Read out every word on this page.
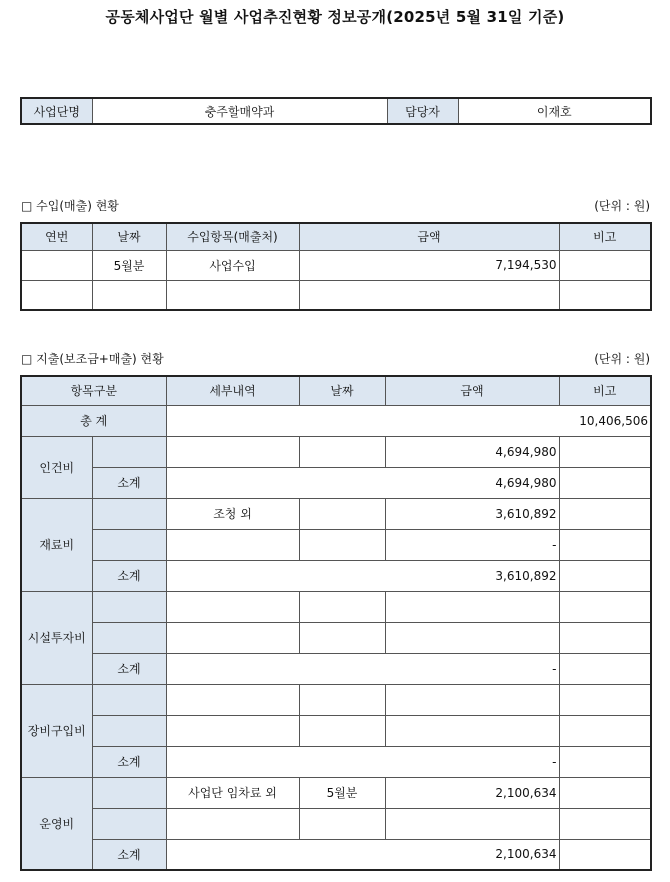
공동체사업단 월별 사업추진현황 정보공개(2025년 5월 31일 기준)
사업단명	충주할매약과	담당자	이재호
□ 수입(매출) 현황	(단위 : 원)
연번	날짜	수입항목(매출처)	금액	비고
	5월분	사업수입	7,194,530	

□ 지출(보조금+매출) 현황	(단위 : 원)
항목구분		세부내역	날짜	금액	비고
총 계		10,406,506			
인건비				4,694,980	
	소계	4,694,980			
재료비		조청 외		3,610,892	
				-	
	소계	3,610,892			
시설투자비					

	소계	-			
장비구입비					

	소계	-			
운영비		사업단 임차료 외	5월분	2,100,634	

	소계	2,100,634			
